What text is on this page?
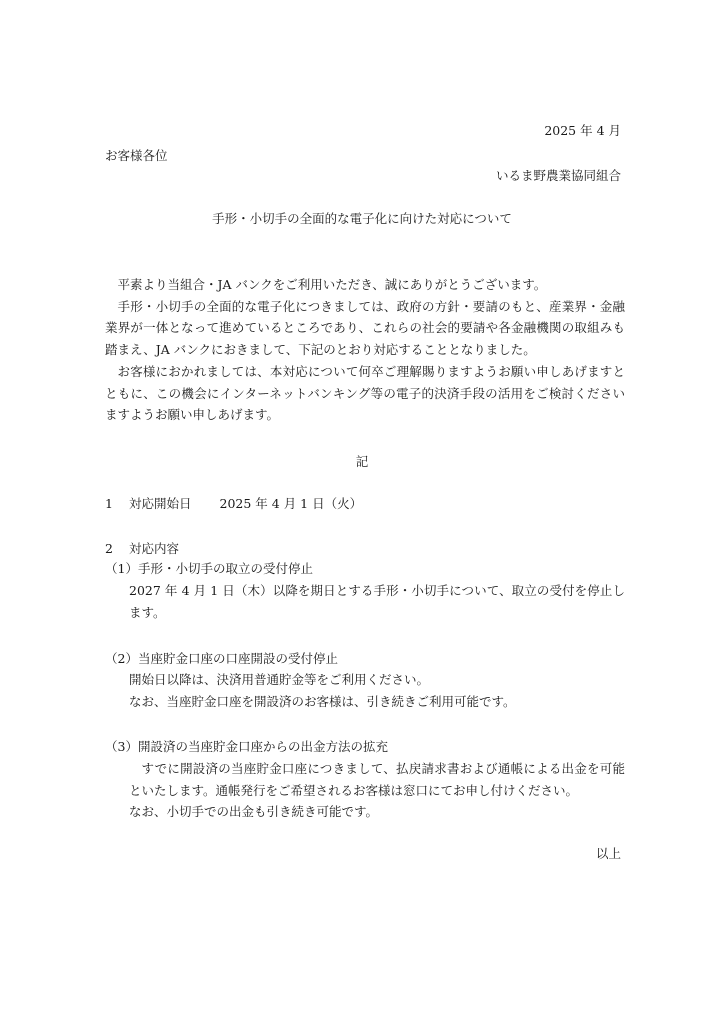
2025 年 4 月
お客様各位
いるま野農業協同組合
手形・小切手の全面的な電子化に向けた対応について

平素より当組合・JA バンクをご利用いただき、誠にありがとうございます。

手形・小切手の全面的な電子化につきましては、政府の方針・要請のもと、産業界・金融業界が一体となって進めているところであり、これらの社会的要請や各金融機関の取組みも踏まえ、JA バンクにおきまして、下記のとおり対応することとなりました。

お客様におかれましては、本対応について何卒ご理解賜りますようお願い申しあげますとともに、この機会にインターネットバンキング等の電子的決済手段の活用をご検討くださいますようお願い申しあげます。

記
1 対応開始日 2025 年 4 月 1 日（火）
2 対応内容
（1）手形・小切手の取立の受付停止

2027 年 4 月 1 日（木）以降を期日とする手形・小切手について、取立の受付を停止します。

（2）当座貯金口座の口座開設の受付停止

開始日以降は、決済用普通貯金等をご利用ください。

なお、当座貯金口座を開設済のお客様は、引き続きご利用可能です。

（3）開設済の当座貯金口座からの出金方法の拡充

すでに開設済の当座貯金口座につきまして、払戻請求書および通帳による出金を可能といたします。通帳発行をご希望されるお客様は窓口にてお申し付けください。

なお、小切手での出金も引き続き可能です。

以上
